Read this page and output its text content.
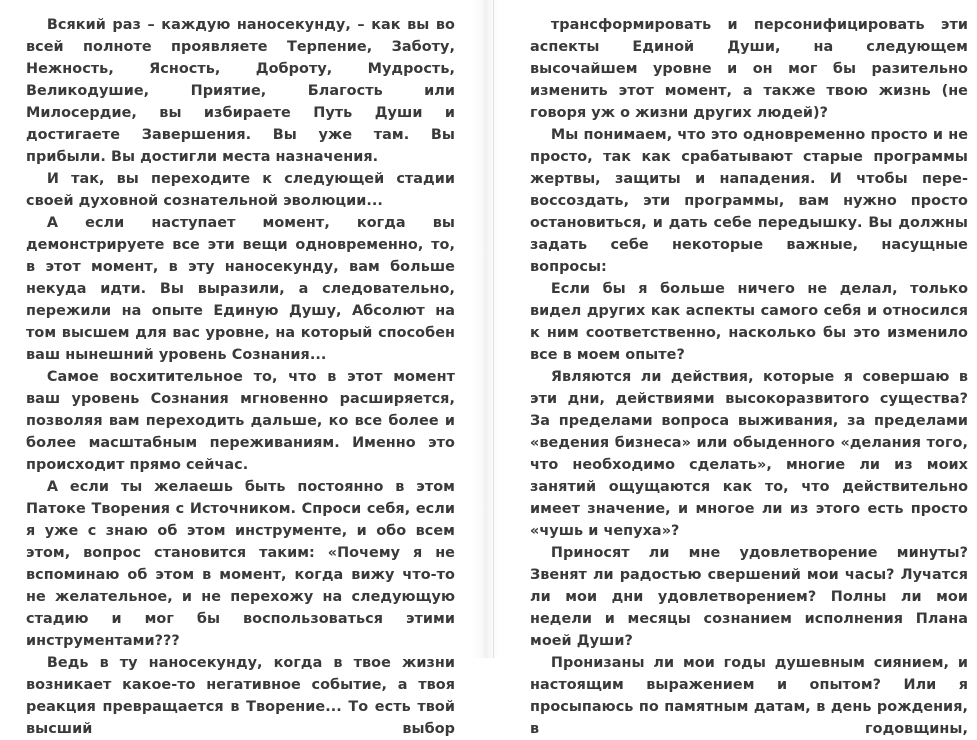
Всякий раз – каждую наносекунду, – как вы во всей полноте проявляете Терпение, Заботу, Нежность, Ясность, Доброту, Мудрость, Великодушие, Приятие, Благость или Милосердие, вы избираете Путь Души и достигаете Завершения. Вы уже там. Вы прибыли. Вы достигли места назначения.

И так, вы переходите к следующей стадии своей духовной сознательной эволюции...

А если наступает момент, когда вы демонстрируете все эти вещи одновременно, то, в этот момент, в эту наносекунду, вам больше некуда идти. Вы выразили, а следовательно, пережили на опыте Единую Душу, Абсолют на том высшем для вас уровне, на который способен ваш нынешний уровень Сознания...

Самое восхитительное то, что в этот момент ваш уровень Сознания мгновенно расширяется, позволяя вам переходить дальше, ко все более и более масштабным переживаниям. Именно это происходит прямо сейчас.

А если ты желаешь быть постоянно в этом Патоке Творения с Источником. Спроси себя, если я уже с знаю об этом инструменте, и обо всем этом, вопрос становится таким: «Почему я не вспоминаю об этом в момент, когда вижу что-то не желательное, и не перехожу на следующую стадию и мог бы воспользоваться этими инструментами???

Ведь в ту наносекунду, когда в твое жизни возникает какое-то негативное событие, а твоя реакция превращается в Творение... То есть твой высший выбор

трансформировать и персонифицировать эти аспекты Единой Души, на следующем высочайшем уровне и он мог бы разительно изменить этот момент, а также твою жизнь (не говоря уж о жизни других людей)?

Мы понимаем, что это одновременно просто и не просто, так как срабатывают старые программы жертвы, защиты и нападения. И чтобы пере-воссоздать, эти программы, вам нужно просто остановиться, и дать себе передышку. Вы должны задать себе некоторые важные, насущные вопросы:

Если бы я больше ничего не делал, только видел других как аспекты самого себя и относился к ним соответственно, насколько бы это изменило все в моем опыте?

Являются ли действия, которые я совершаю в эти дни, действиями высокоразвитого существа? За пределами вопроса выживания, за пределами «ведения бизнеса» или обыденного «делания того, что необходимо сделать», многие ли из моих занятий ощущаются как то, что действительно имеет значение, и многое ли из этого есть просто «чушь и чепуха»?

Приносят ли мне удовлетворение минуты? Звенят ли радостью свершений мои часы? Лучатся ли мои дни удовлетворением? Полны ли мои недели и месяцы сознанием исполнения Плана моей Души?

Пронизаны ли мои годы душевным сиянием, и настоящим выражением и опытом? Или я просыпаюсь по памятным датам, в день рождения, в годовщины,
